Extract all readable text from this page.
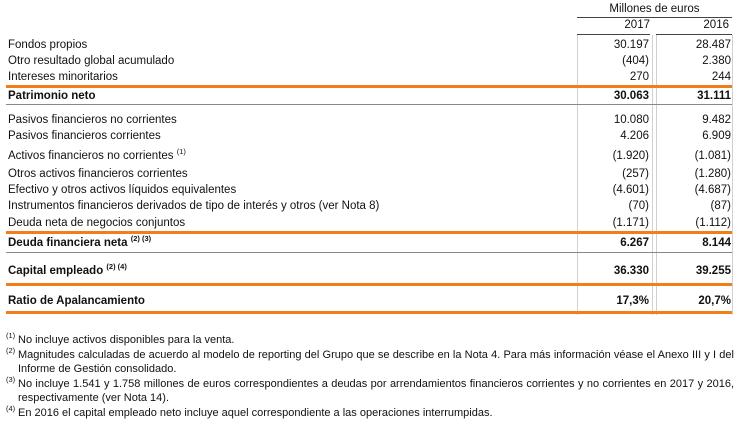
Millones de euros
2017	2016
Fondos propios	30.197	28.487
Otro resultado global acumulado	(404)	2.380
Intereses minoritarios	270	244
Patrimonio neto	30.063	31.111
Pasivos financieros no corrientes	10.080	9.482
Pasivos financieros corrientes	4.206	6.909
Activos financieros no corrientes $^{(1)}$	(1.920)	(1.081)
Otros activos financieros corrientes	(257)	(1.280)
Efectivo y otros activos líquidos equivalentes	(4.601)	(4.687)
Instrumentos financieros derivados de tipo de interés y otros (ver Nota 8)	(70)	(87)
Deuda neta de negocios conjuntos	(1.171)	(1.112)
Deuda financiera neta $^{(2) (3)}$	6.267	8.144
Capital empleado $^{(2) (4)}$	36.330	39.255
Ratio de Apalancamiento	17,3%	20,7%
(1) No incluye activos disponibles para la venta.
(2) Magnitudes calculadas de acuerdo al modelo de reporting del Grupo que se describe en la Nota 4. Para más información véase el Anexo III y I del Informe de Gestión consolidado.
(3) No incluye 1.541 y 1.758 millones de euros correspondientes a deudas por arrendamientos financieros corrientes y no corrientes en 2017 y 2016, respectivamente (ver Nota 14).
(4) En 2016 el capital empleado neto incluye aquel correspondiente a las operaciones interrumpidas.
